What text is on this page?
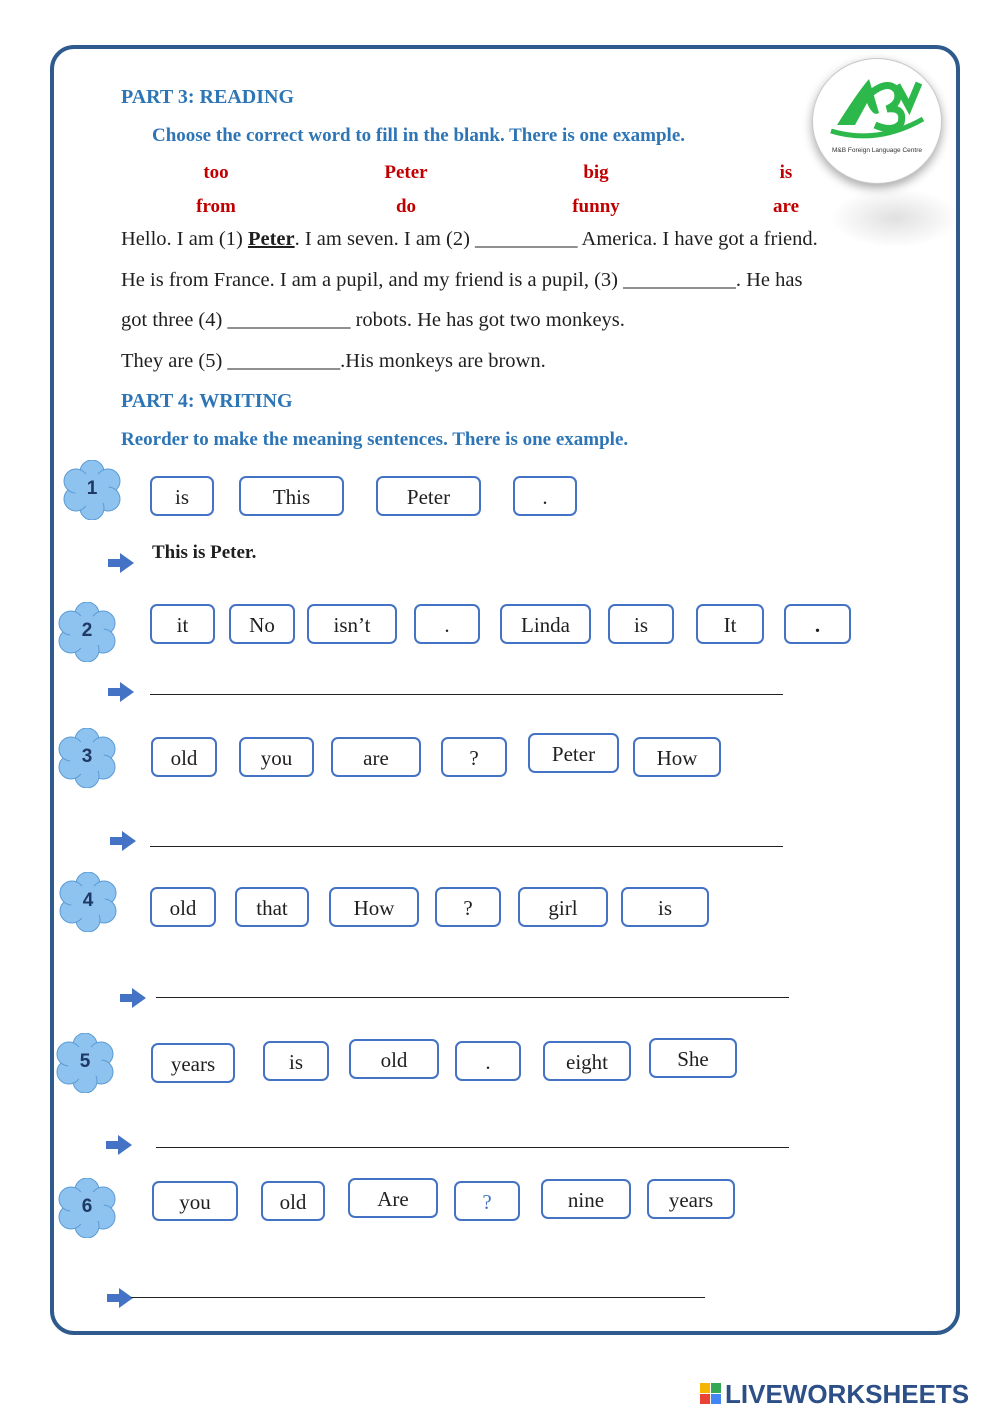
M&B Foreign Language Centre
PART 3: READING
Choose the correct word to fill in the blank. There is one example.
too	Peter	big	is
from	do	funny	are
Hello. I am (1) Peter. I am seven. I am (2) __________ America. I have got a friend.
He is from France. I am a pupil, and my friend is a pupil, (3) ___________. He has
got three (4) ____________ robots. He has got two monkeys.
They are (5) ___________.His monkeys are brown.
PART 4: WRITING
Reorder to make the meaning sentences. There is one example.
1	is	This	Peter	.
This is Peter.
2	it	No	isn’t	.	Linda	is	It	.
3	old	you	are	?	Peter	How
4	old	that	How	?	girl	is
5	years	is	old	.	eight	She
6	you	old	Are	?	nine	years
LIVEWORKSHEETS
